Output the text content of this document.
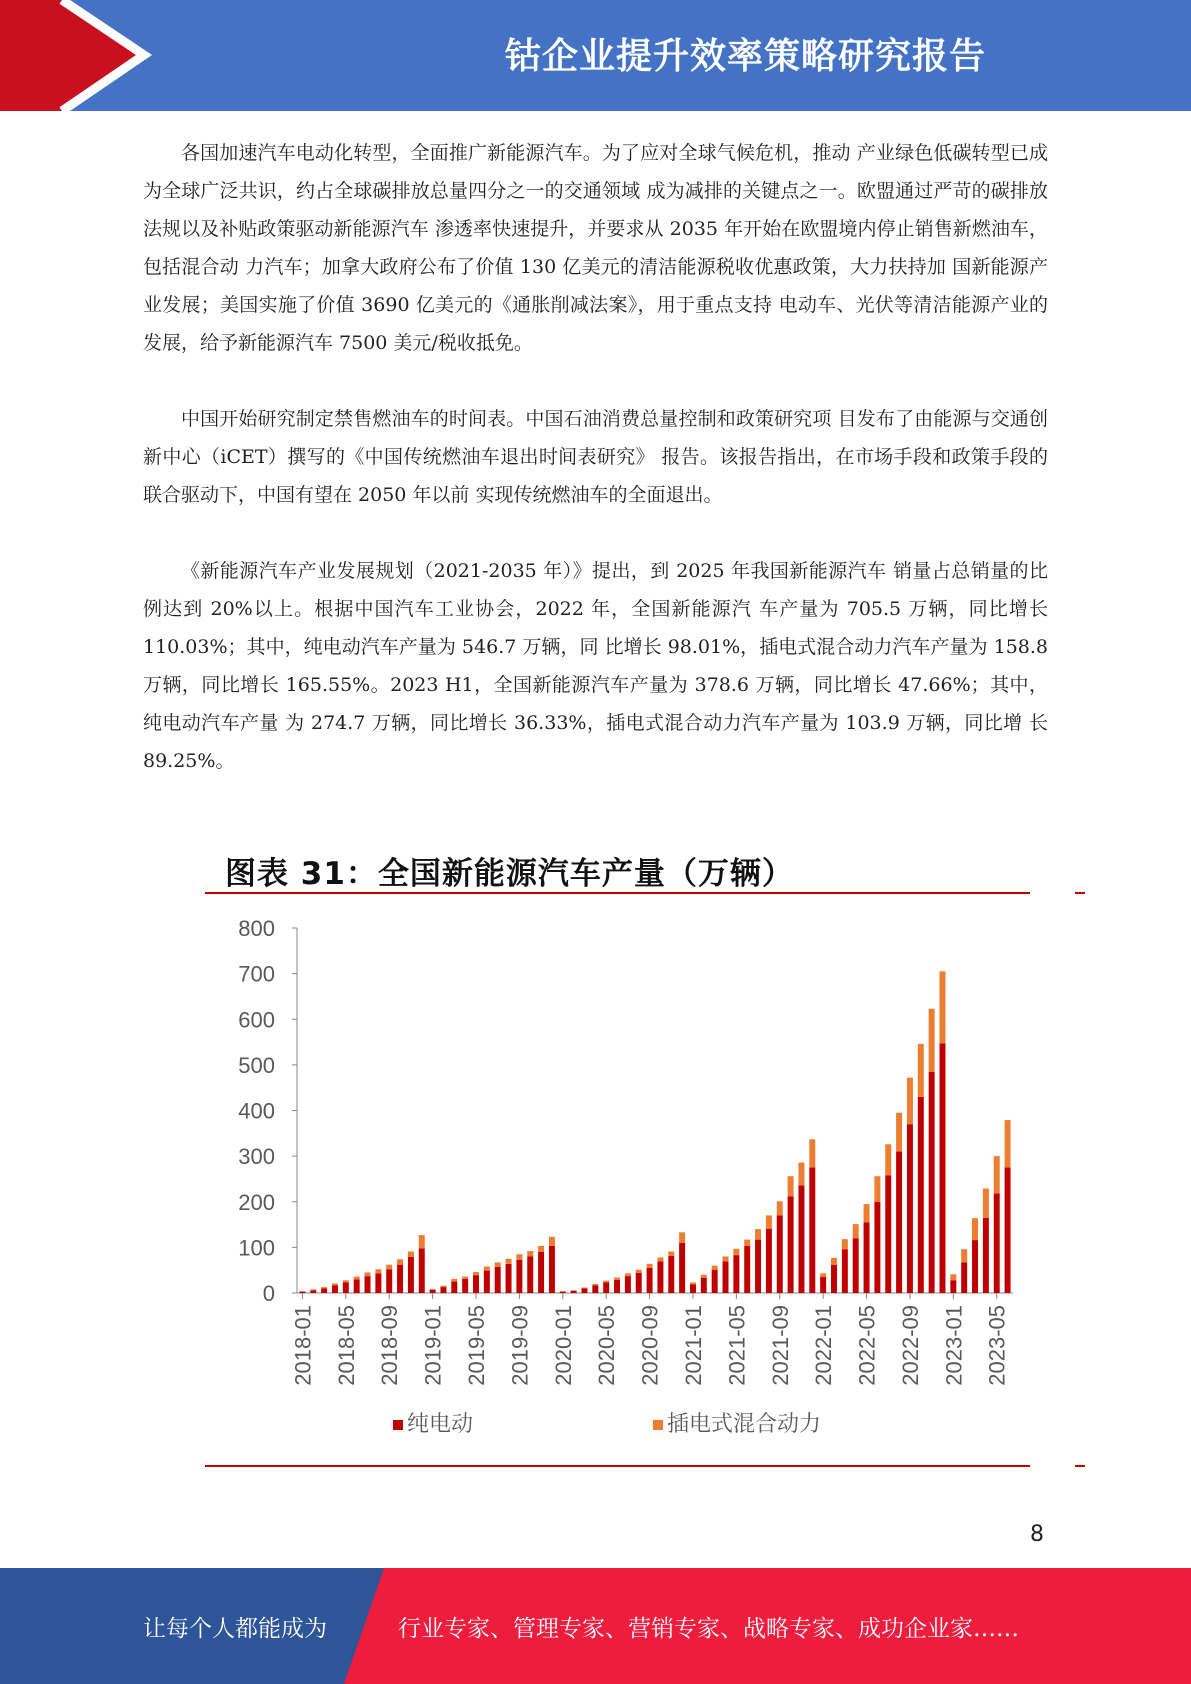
钴企业提升效率策略研究报告

各国加速汽车电动化转型，全面推广新能源汽车。为了应对全球气候危机，推动 产业绿色低碳转型已成为全球广泛共识，约占全球碳排放总量四分之一的交通领域 成为减排的关键点之一。欧盟通过严苛的碳排放法规以及补贴政策驱动新能源汽车 渗透率快速提升，并要求从 2035 年开始在欧盟境内停止销售新燃油车，包括混合动 力汽车；加拿大政府公布了价值 130 亿美元的清洁能源税收优惠政策，大力扶持加 国新能源产业发展；美国实施了价值 3690 亿美元的《通胀削减法案》，用于重点支持 电动车、光伏等清洁能源产业的发展，给予新能源汽车 7500 美元/税收抵免。

中国开始研究制定禁售燃油车的时间表。中国石油消费总量控制和政策研究项 目发布了由能源与交通创新中心（iCET）撰写的《中国传统燃油车退出时间表研究》 报告。该报告指出，在市场手段和政策手段的联合驱动下，中国有望在 2050 年以前 实现传统燃油车的全面退出。

《新能源汽车产业发展规划（2021-2035 年）》提出，到 2025 年我国新能源汽车 销量占总销量的比例达到 20%以上。根据中国汽车工业协会，2022 年，全国新能源汽 车产量为 705.5 万辆，同比增长 110.03%；其中，纯电动汽车产量为 546.7 万辆，同 比增长 98.01%，插电式混合动力汽车产量为 158.8 万辆，同比增长 165.55%。2023 H1，全国新能源汽车产量为 378.6 万辆，同比增长 47.66%；其中，纯电动汽车产量 为 274.7 万辆，同比增长 36.33%，插电式混合动力汽车产量为 103.9 万辆，同比增 长 89.25%。

图表 31：全国新能源汽车产量（万辆）
0
100
200
300
400
500
600
700
800
2018-01 2018-05 2018-09 2019-01 2019-05 2019-09 2020-01 2020-05 2020-09 2021-01 2021-05 2021-09 2022-01 2022-05 2022-09 2023-01 2023-05
纯电动	插电式混合动力
8
让每个人都能成为	行业专家、管理专家、营销专家、战略专家、成功企业家……
